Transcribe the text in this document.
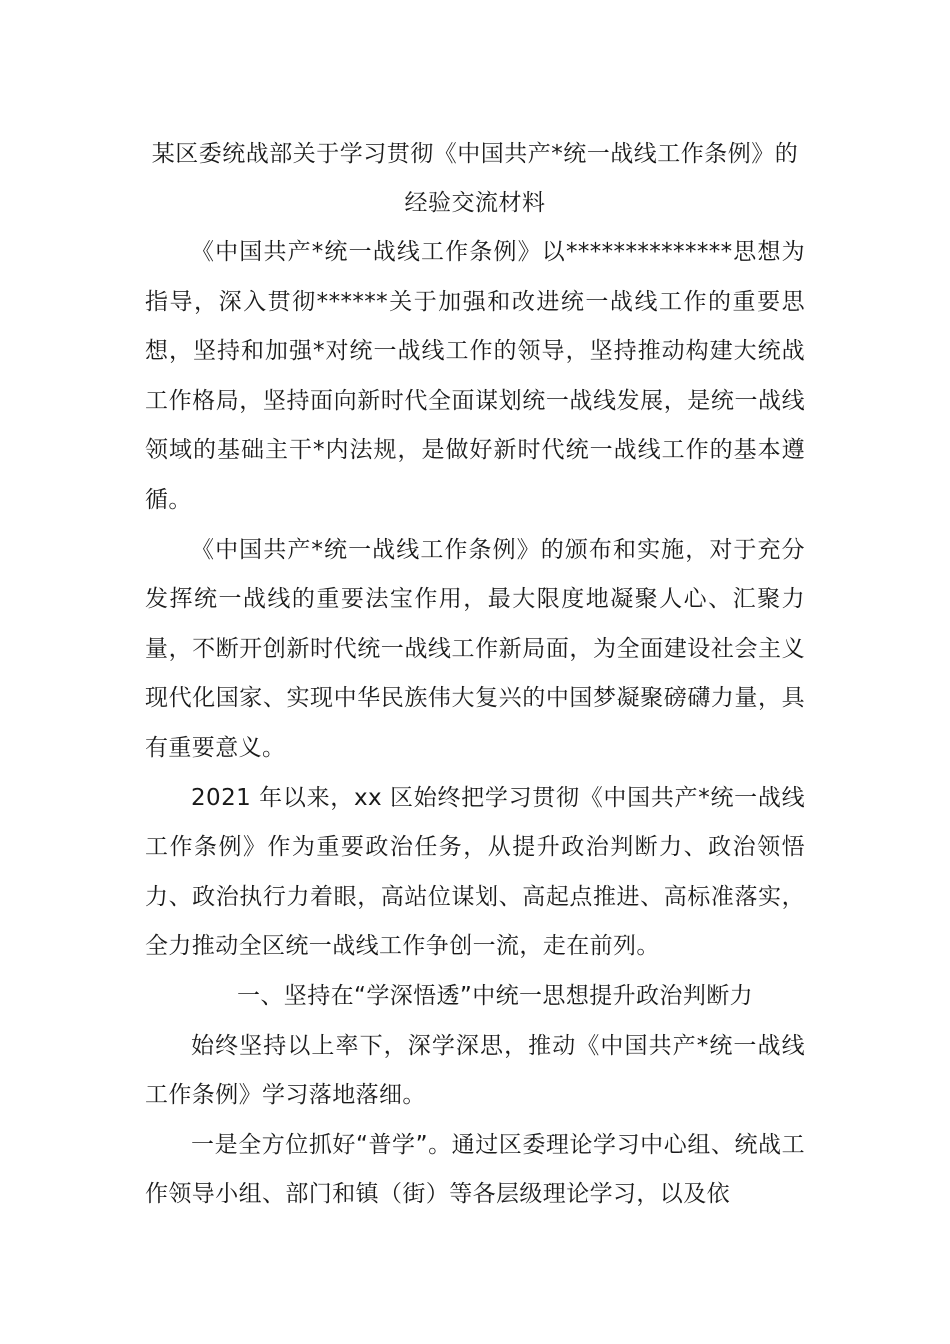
某区委统战部关于学习贯彻《中国共产*统一战线工作条例》的
经验交流材料

《中国共产*统一战线工作条例》以**************思想为指导，深入贯彻******关于加强和改进统一战线工作的重要思想，坚持和加强*对统一战线工作的领导，坚持推动构建大统战工作格局，坚持面向新时代全面谋划统一战线发展，是统一战线领域的基础主干*内法规，是做好新时代统一战线工作的基本遵循。

《中国共产*统一战线工作条例》的颁布和实施，对于充分发挥统一战线的重要法宝作用，最大限度地凝聚人心、汇聚力量，不断开创新时代统一战线工作新局面，为全面建设社会主义现代化国家、实现中华民族伟大复兴的中国梦凝聚磅礴力量，具有重要意义。

2021 年以来，xx 区始终把学习贯彻《中国共产*统一战线工作条例》作为重要政治任务，从提升政治判断力、政治领悟力、政治执行力着眼，高站位谋划、高起点推进、高标准落实，全力推动全区统一战线工作争创一流，走在前列。

一、坚持在“学深悟透”中统一思想提升政治判断力

始终坚持以上率下，深学深思，推动《中国共产*统一战线工作条例》学习落地落细。

一是全方位抓好“普学”。通过区委理论学习中心组、统战工作领导小组、部门和镇（街）等各层级理论学习，以及依
